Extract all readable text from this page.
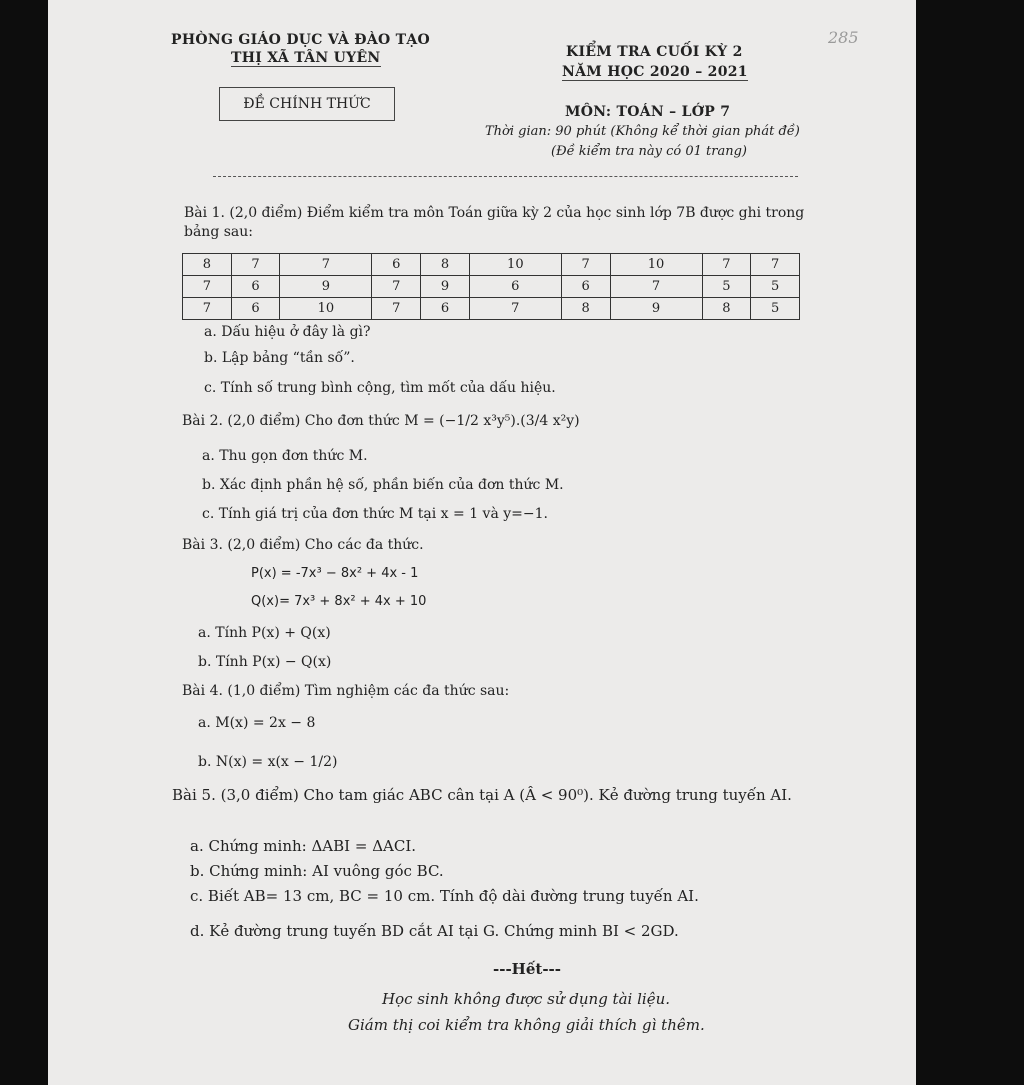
PHÒNG GIÁO DỤC VÀ ĐÀO TẠO
THỊ XÃ TÂN UYÊN	KIỂM TRA CUỐI KỲ 2
NĂM HỌC 2020 – 2021
285
ĐỀ CHÍNH THỨC	MÔN: TOÁN – LỚP 7
Thời gian: 90 phút (Không kể thời gian phát đề)
(Đề kiểm tra này có 01 trang)
Bài 1. (2,0 điểm) Điểm kiểm tra môn Toán giữa kỳ 2 của học sinh lớp 7B được ghi trong
bảng sau:
8	7	7	6	8	10	7	10	7	7
7	6	9	7	9	6	6	7	5	5
7	6	10	7	6	7	8	9	8	5
a. Dấu hiệu ở đây là gì?
b. Lập bảng “tần số”.
c. Tính số trung bình cộng, tìm mốt của dấu hiệu.
Bài 2. (2,0 điểm) Cho đơn thức M = (−1/2 x³y⁵).(3/4 x²y)
a. Thu gọn đơn thức M.
b. Xác định phần hệ số, phần biến của đơn thức M.
c. Tính giá trị của đơn thức M tại x = 1 và y=−1.
Bài 3. (2,0 điểm) Cho các đa thức.
P(x) = -7x³ − 8x² + 4x - 1
Q(x)= 7x³ + 8x² + 4x + 10
a. Tính P(x) + Q(x)
b. Tính P(x) − Q(x)
Bài 4. (1,0 điểm) Tìm nghiệm các đa thức sau:
a. M(x) = 2x − 8
b. N(x) = x(x − 1/2)
Bài 5. (3,0 điểm) Cho tam giác ABC cân tại A (Â < 90⁰). Kẻ đường trung tuyến AI.
a. Chứng minh: ΔABI = ΔACI.
b. Chứng minh: AI vuông góc BC.
c. Biết AB= 13 cm, BC = 10 cm. Tính độ dài đường trung tuyến AI.
d. Kẻ đường trung tuyến BD cắt AI tại G. Chứng minh BI < 2GD.
---Hết---
Học sinh không được sử dụng tài liệu.
Giám thị coi kiểm tra không giải thích gì thêm.
